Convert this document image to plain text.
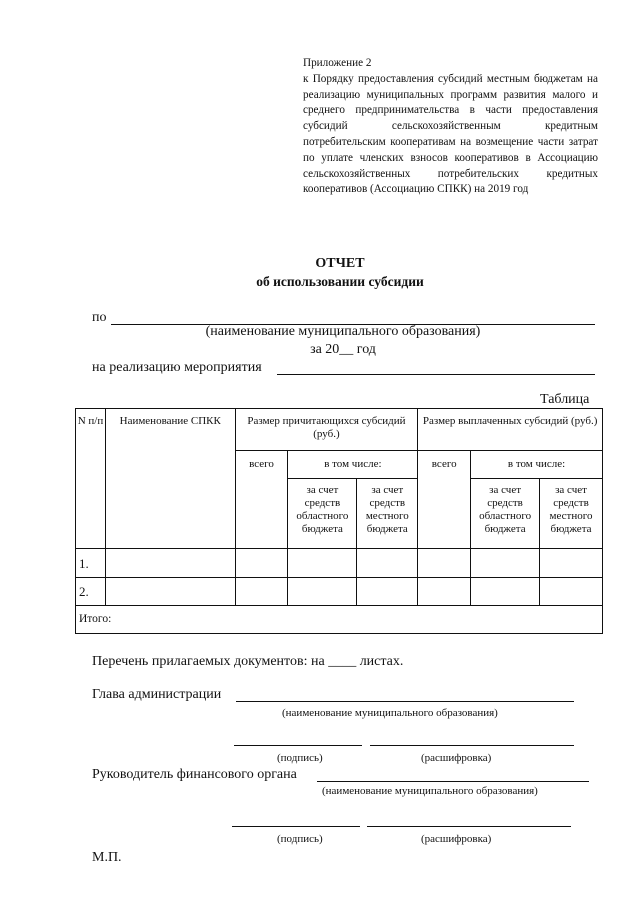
Приложение 2
к Порядку предоставления субсидий местным бюджетам на реализацию муниципальных программ развития малого и среднего предпринимательства в части предоставления субсидий сельскохозяйственным кредитным потребительским кооперативам на возмещение части затрат по уплате членских взносов кооперативов в Ассоциацию сельскохозяйственных потребительских кредитных кооперативов (Ассоциацию СПКК) на 2019 год
ОТЧЕТ
об использовании субсидии
по
(наименование муниципального образования)
за 20__ год
на реализацию мероприятия
Таблица
N п/п	Наименование СПКК	Размер причитающихся субсидий (руб.)			Размер выплаченных субсидий (руб.)		
		всего	в том числе:		всего	в том числе:	
			за счет средств областного бюджета	за счет средств местного бюджета		за счет средств областного бюджета	за счет средств местного бюджета
1.							
2.							
Итого:							
Перечень прилагаемых документов: на ____ листах.
Глава администрации
(наименование муниципального образования)
(подпись)	(расшифровка)
Руководитель финансового органа
(наименование муниципального образования)
(подпись)	(расшифровка)
М.П.
